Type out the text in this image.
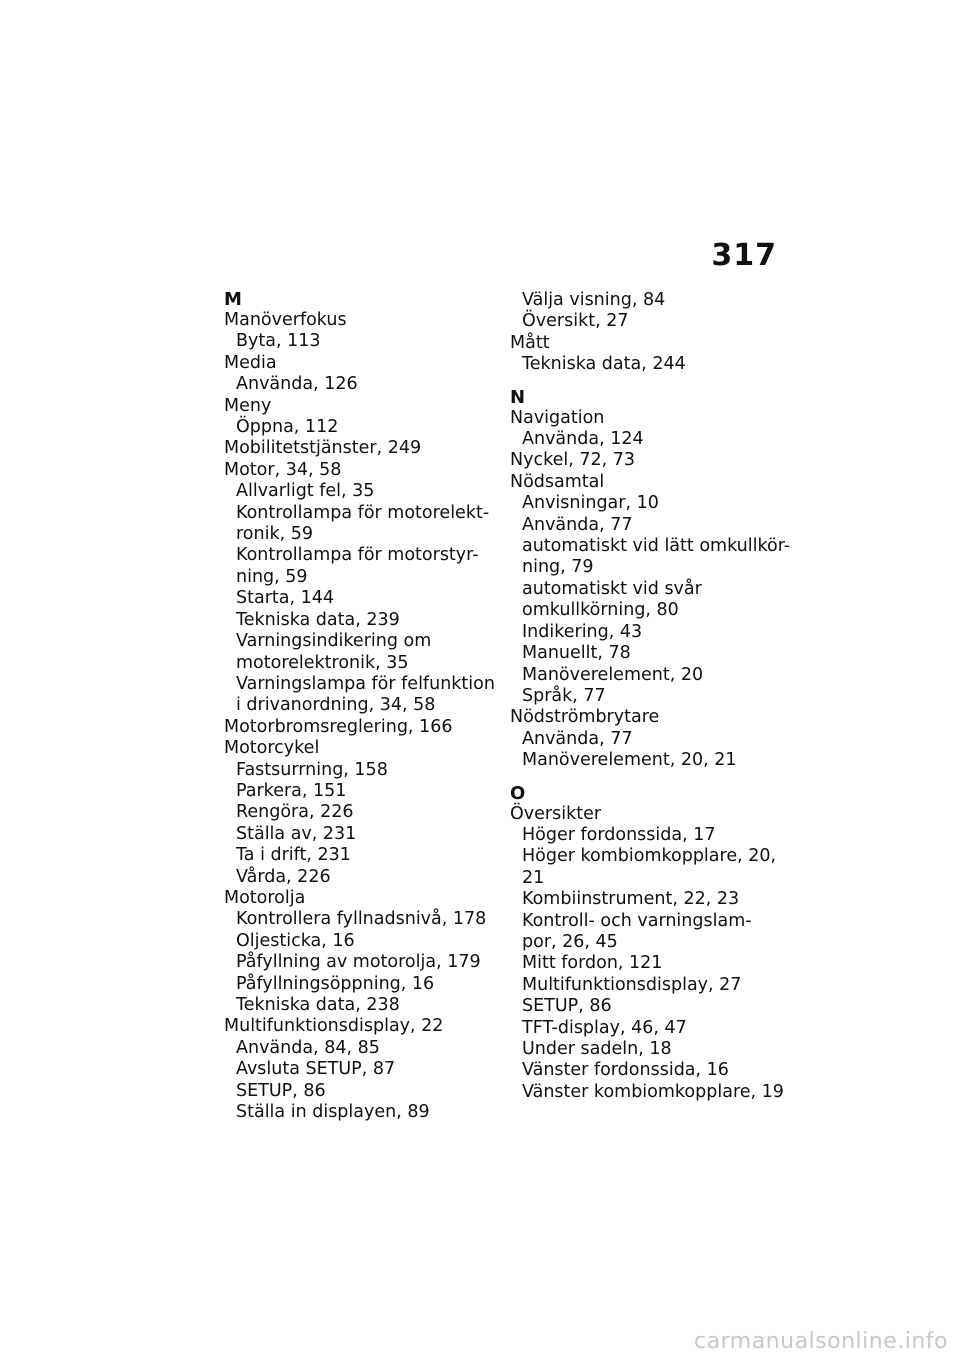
317
M
Manöverfokus
Byta, 113
Media
Använda, 126
Meny
Öppna, 112
Mobilitetstjänster, 249
Motor, 34, 58
Allvarligt fel, 35
Kontrollampa för motorelekt-
ronik, 59
Kontrollampa för motorstyr-
ning, 59
Starta, 144
Tekniska data, 239
Varningsindikering om
motorelektronik, 35
Varningslampa för felfunktion
i drivanordning, 34, 58
Motorbromsreglering, 166
Motorcykel
Fastsurrning, 158
Parkera, 151
Rengöra, 226
Ställa av, 231
Ta i drift, 231
Vårda, 226
Motorolja
Kontrollera fyllnadsnivå, 178
Oljesticka, 16
Påfyllning av motorolja, 179
Påfyllningsöppning, 16
Tekniska data, 238
Multifunktionsdisplay, 22
Använda, 84, 85
Avsluta SETUP, 87
SETUP, 86
Ställa in displayen, 89
Välja visning, 84
Översikt, 27
Mått
Tekniska data, 244
N
Navigation
Använda, 124
Nyckel, 72, 73
Nödsamtal
Anvisningar, 10
Använda, 77
automatiskt vid lätt omkullkör-
ning, 79
automatiskt vid svår
omkullkörning, 80
Indikering, 43
Manuellt, 78
Manöverelement, 20
Språk, 77
Nödströmbrytare
Använda, 77
Manöverelement, 20, 21
O
Översikter
Höger fordonssida, 17
Höger kombiomkopplare, 20,
21
Kombiinstrument, 22, 23
Kontroll- och varningslam-
por, 26, 45
Mitt fordon, 121
Multifunktionsdisplay, 27
SETUP, 86
TFT-display, 46, 47
Under sadeln, 18
Vänster fordonssida, 16
Vänster kombiomkopplare, 19
carmanualsonline.info
